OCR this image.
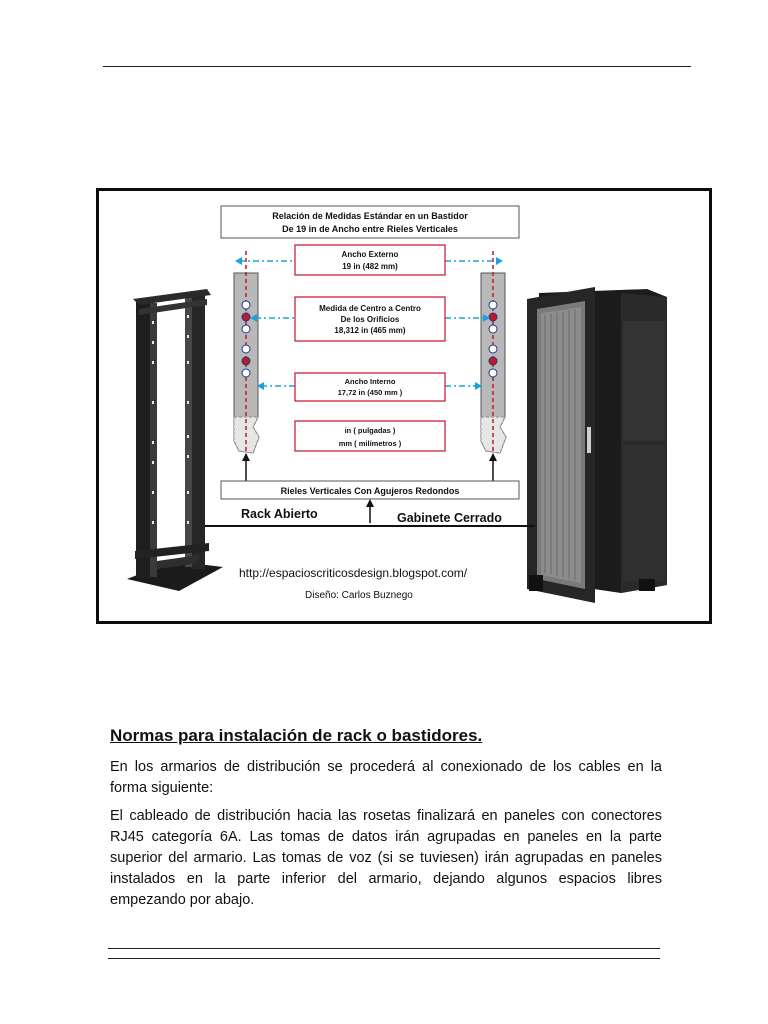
Relación de Medidas Estándar en un Bastidor
De 19 in de Ancho entre Rieles Verticales
Ancho Externo
19 in (482 mm)
Medida de Centro a Centro
De los Orificios
18,312 in (465 mm)
Ancho Interno
17,72 in (450 mm )
in ( pulgadas )
mm ( milímetros )
Rieles Verticales Con Agujeros Redondos
Rack Abierto	Gabinete Cerrado
http://espacioscriticosdesign.blogspot.com/
Diseño: Carlos Buznego
Normas para instalación de rack o bastidores.

En los armarios de distribución se procederá al conexionado de los cables en la forma siguiente:

El cableado de distribución hacia las rosetas finalizará en paneles con conectores RJ45 categoría 6A. Las tomas de datos irán agrupadas en paneles en la parte superior del armario. Las tomas de voz (si se tuviesen) irán agrupadas en paneles instalados en la parte inferior del armario, dejando algunos espacios libres empezando por abajo.
